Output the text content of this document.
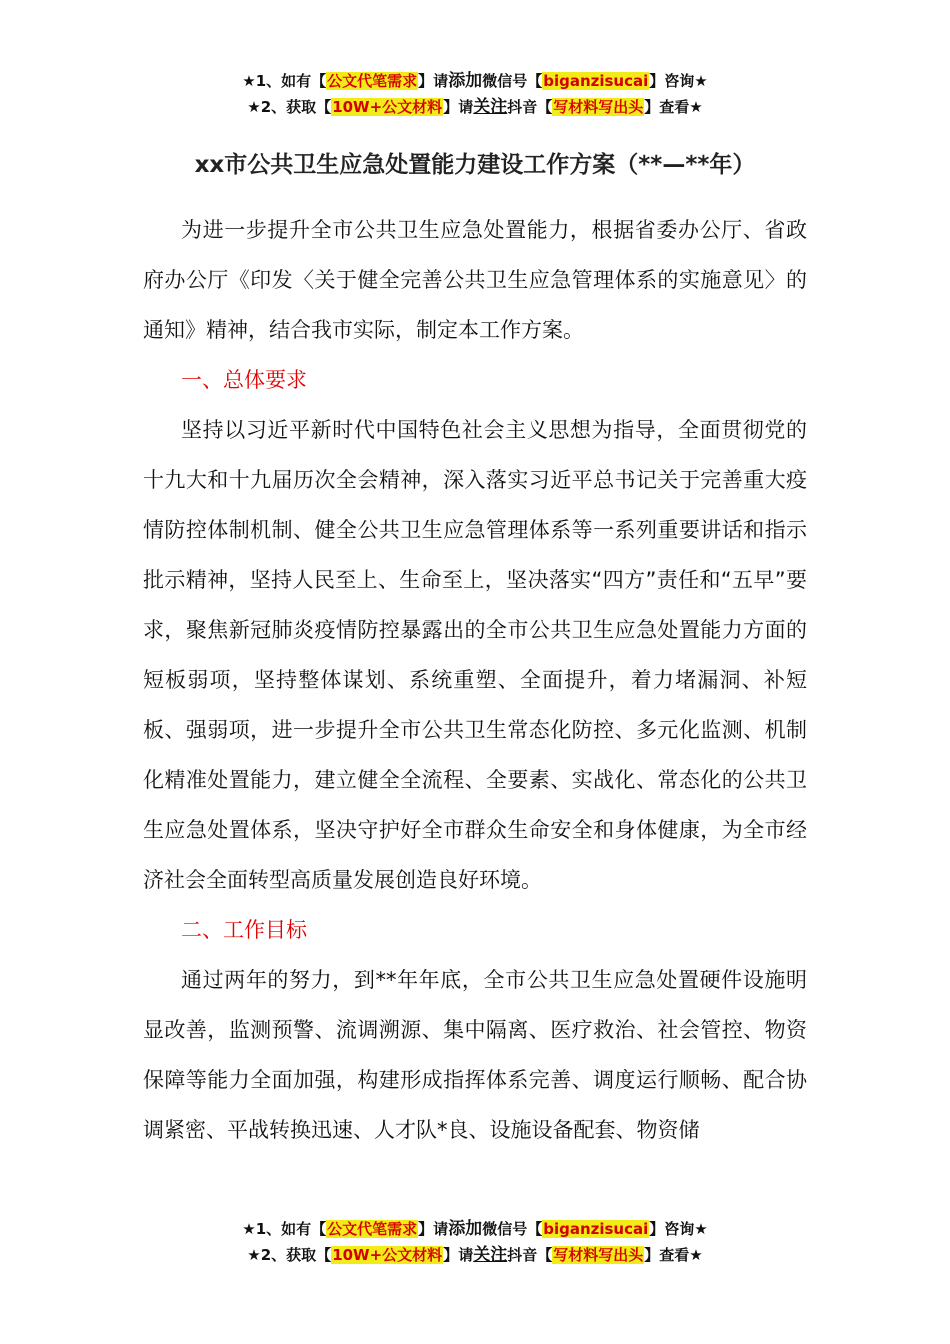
★1、如有【公文代笔需求】请添加微信号【biganzisucai】咨询★
★2、获取【10W+公文材料】请关注抖音【写材料写出头】查看★
xx市公共卫生应急处置能力建设工作方案（**—**年）

为进一步提升全市公共卫生应急处置能力，根据省委办公厅、省政府办公厅《印发〈关于健全完善公共卫生应急管理体系的实施意见〉的通知》精神，结合我市实际，制定本工作方案。

一、总体要求

坚持以习近平新时代中国特色社会主义思想为指导，全面贯彻党的十九大和十九届历次全会精神，深入落实习近平总书记关于完善重大疫情防控体制机制、健全公共卫生应急管理体系等一系列重要讲话和指示批示精神，坚持人民至上、生命至上，坚决落实“四方”责任和“五早”要求，聚焦新冠肺炎疫情防控暴露出的全市公共卫生应急处置能力方面的短板弱项，坚持整体谋划、系统重塑、全面提升，着力堵漏洞、补短板、强弱项，进一步提升全市公共卫生常态化防控、多元化监测、机制化精准处置能力，建立健全全流程、全要素、实战化、常态化的公共卫生应急处置体系，坚决守护好全市群众生命安全和身体健康，为全市经济社会全面转型高质量发展创造良好环境。

二、工作目标

通过两年的努力，到**年年底，全市公共卫生应急处置硬件设施明显改善，监测预警、流调溯源、集中隔离、医疗救治、社会管控、物资保障等能力全面加强，构建形成指挥体系完善、调度运行顺畅、配合协调紧密、平战转换迅速、人才队*良、设施设备配套、物资储

★1、如有【公文代笔需求】请添加微信号【biganzisucai】咨询★
★2、获取【10W+公文材料】请关注抖音【写材料写出头】查看★
